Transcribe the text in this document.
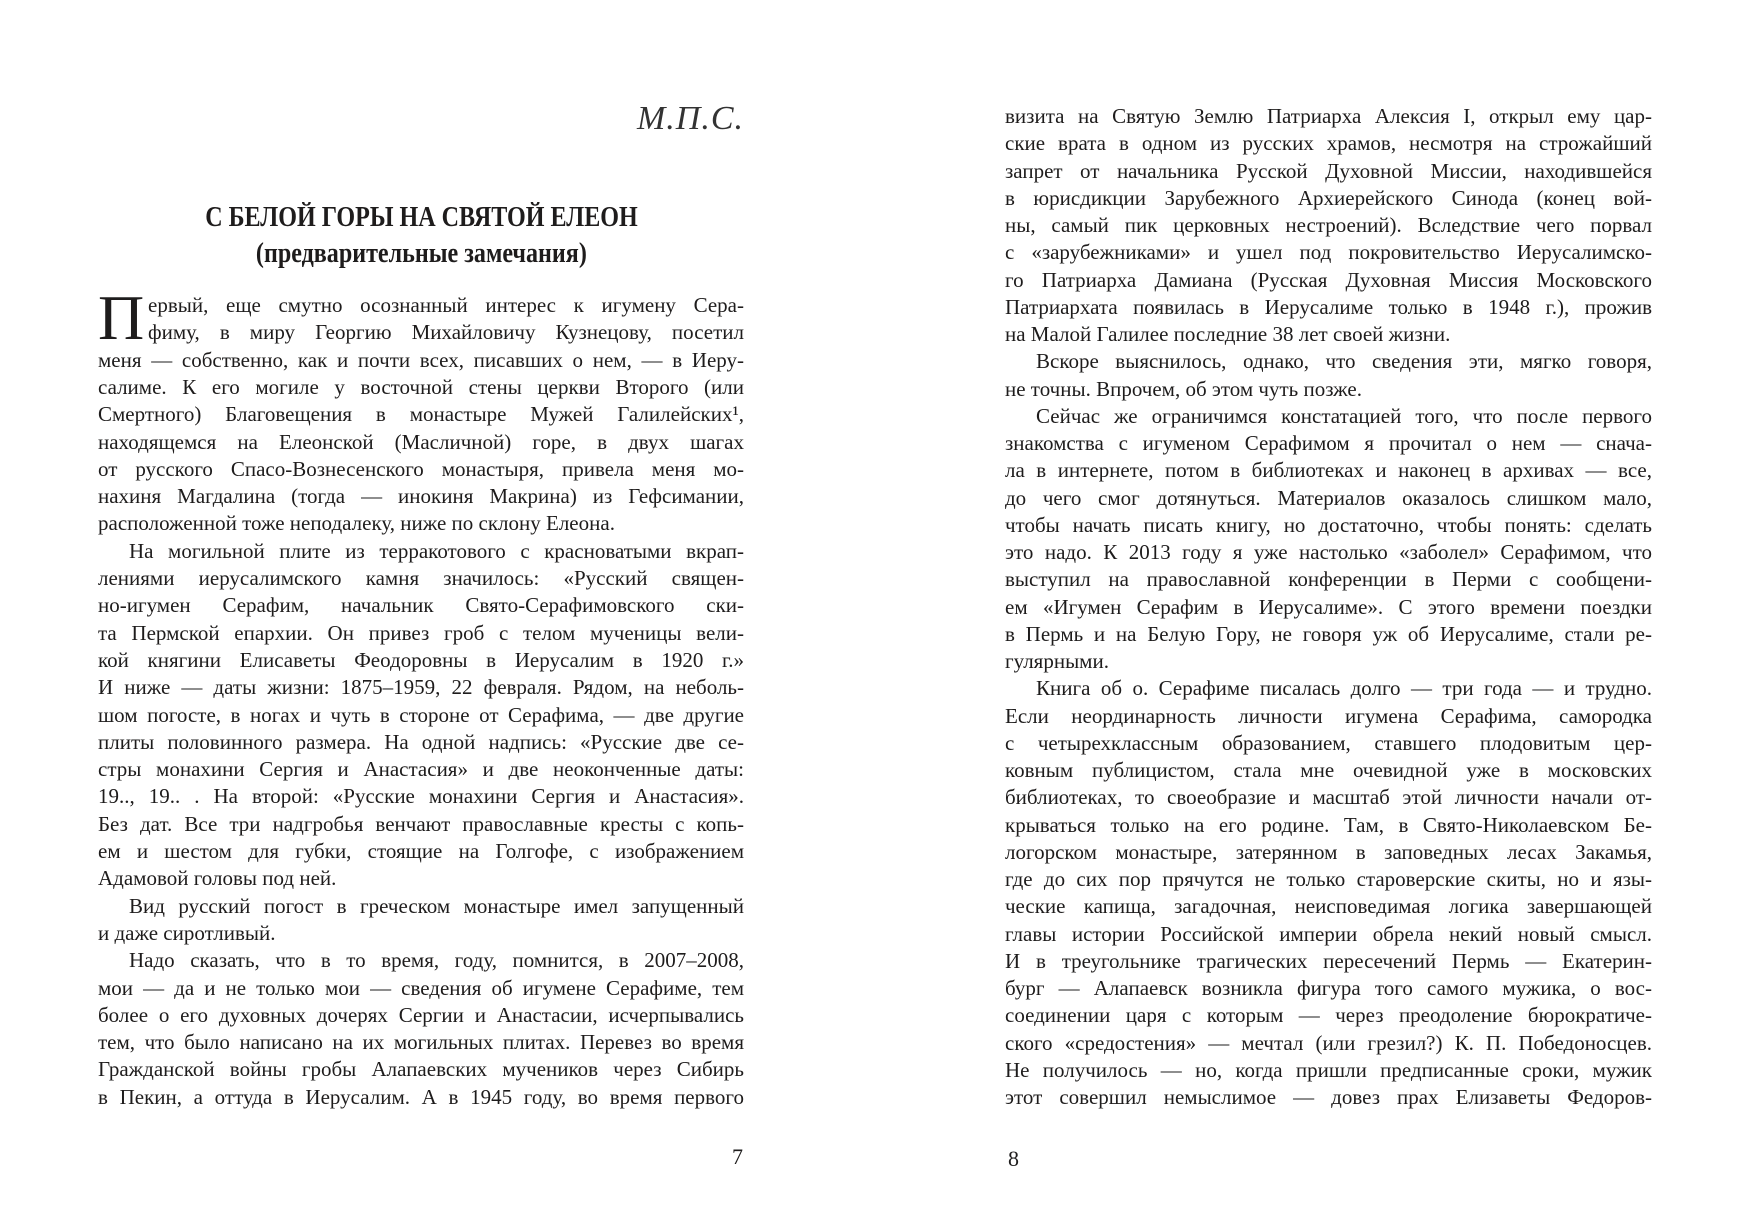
М.П.С.
С БЕЛОЙ ГОРЫ НА СВЯТОЙ ЕЛЕОН
(предварительные замечания)
П ервый, еще смутно осознанный интерес к игумену Сера-
фиму, в миру Георгию Михайловичу Кузнецову, посетил
меня — собственно, как и почти всех, писавших о нем, — в Иеру-
салиме. К его могиле у восточной стены церкви Второго (или
Смертного) Благовещения в монастыре Мужей Галилейских¹,
находящемся на Елеонской (Масличной) горе, в двух шагах
от русского Спасо-Вознесенского монастыря, привела меня мо-
нахиня Магдалина (тогда — инокиня Макрина) из Гефсимании,
расположенной тоже неподалеку, ниже по склону Елеона.
На могильной плите из терракотового с красноватыми вкрап-
лениями иерусалимского камня значилось: «Русский священ-
но-игумен Серафим, начальник Свято-Серафимовского ски-
та Пермской епархии. Он привез гроб с телом мученицы вели-
кой княгини Елисаветы Феодоровны в Иерусалим в 1920 г.»
И ниже — даты жизни: 1875–1959, 22 февраля. Рядом, на неболь-
шом погосте, в ногах и чуть в стороне от Серафима, — две другие
плиты половинного размера. На одной надпись: «Русские две се-
стры монахини Сергия и Анастасия» и две неоконченные даты:
19.., 19.. . На второй: «Русские монахини Сергия и Анастасия».
Без дат. Все три надгробья венчают православные кресты с копь-
ем и шестом для губки, стоящие на Голгофе, с изображением
Адамовой головы под ней.
Вид русский погост в греческом монастыре имел запущенный
и даже сиротливый.
Надо сказать, что в то время, году, помнится, в 2007–2008,
мои — да и не только мои — сведения об игумене Серафиме, тем
более о его духовных дочерях Сергии и Анастасии, исчерпывались
тем, что было написано на их могильных плитах. Перевез во время
Гражданской войны гробы Алапаевских мучеников через Сибирь
в Пекин, а оттуда в Иерусалим. А в 1945 году, во время первого
7
визита на Святую Землю Патриарха Алексия I, открыл ему цар-
ские врата в одном из русских храмов, несмотря на строжайший
запрет от начальника Русской Духовной Миссии, находившейся
в юрисдикции Зарубежного Архиерейского Синода (конец вой-
ны, самый пик церковных нестроений). Вследствие чего порвал
с «зарубежниками» и ушел под покровительство Иерусалимско-
го Патриарха Дамиана (Русская Духовная Миссия Московского
Патриархата появилась в Иерусалиме только в 1948 г.), прожив
на Малой Галилее последние 38 лет своей жизни.
Вскоре выяснилось, однако, что сведения эти, мягко говоря,
не точны. Впрочем, об этом чуть позже.
Сейчас же ограничимся констатацией того, что после первого
знакомства с игуменом Серафимом я прочитал о нем — снача-
ла в интернете, потом в библиотеках и наконец в архивах — все,
до чего смог дотянуться. Материалов оказалось слишком мало,
чтобы начать писать книгу, но достаточно, чтобы понять: сделать
это надо. К 2013 году я уже настолько «заболел» Серафимом, что
выступил на православной конференции в Перми с сообщени-
ем «Игумен Серафим в Иерусалиме». С этого времени поездки
в Пермь и на Белую Гору, не говоря уж об Иерусалиме, стали ре-
гулярными.
Книга об о. Серафиме писалась долго — три года — и трудно.
Если неординарность личности игумена Серафима, самородка
с четырехклассным образованием, ставшего плодовитым цер-
ковным публицистом, стала мне очевидной уже в московских
библиотеках, то своеобразие и масштаб этой личности начали от-
крываться только на его родине. Там, в Свято-Николаевском Бе-
логорском монастыре, затерянном в заповедных лесах Закамья,
где до сих пор прячутся не только староверские скиты, но и язы-
ческие капища, загадочная, неисповедимая логика завершающей
главы истории Российской империи обрела некий новый смысл.
И в треугольнике трагических пересечений Пермь — Екатерин-
бург — Алапаевск возникла фигура того самого мужика, о вос-
соединении царя с которым — через преодоление бюрократиче-
ского «средостения» — мечтал (или грезил?) К. П. Победоносцев.
Не получилось — но, когда пришли предписанные сроки, мужик
этот совершил немыслимое — довез прах Елизаветы Федоров-
8
